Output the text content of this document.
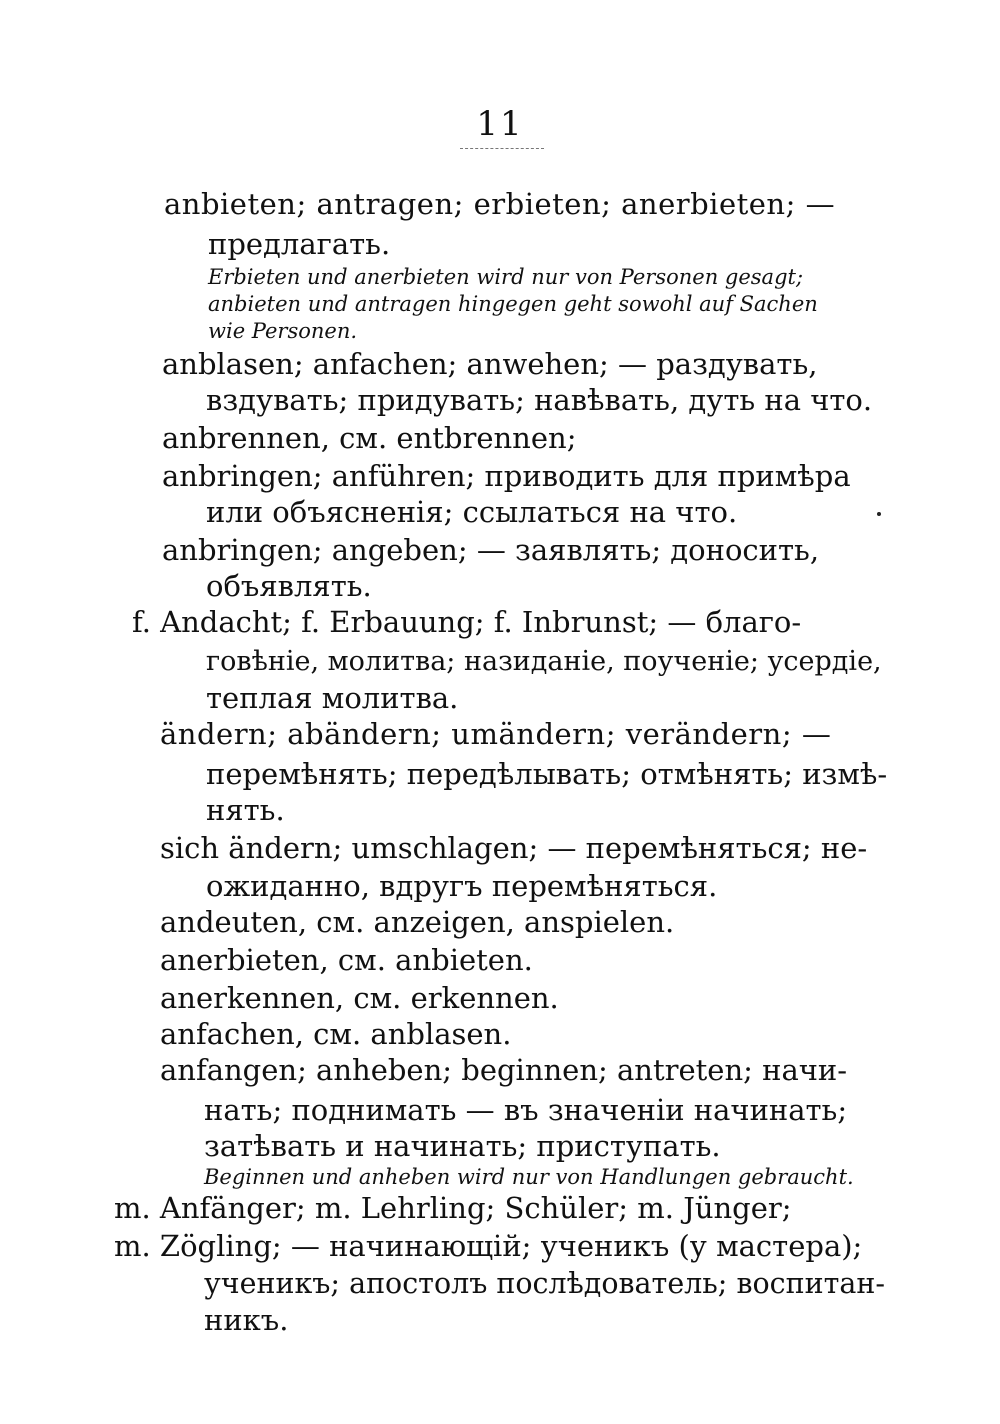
11
anbieten; antragen; erbieten; anerbieten; —
предлагать.
Erbieten und anerbieten wird nur von Personen gesagt;
anbieten und antragen hingegen geht sowohl auf Sachen
wie Personen.
anblasen; anfachen; anwehen; — раздувать,
вздувать; придувать; навѣвать, дуть на что.
anbrennen, см. entbrennen;
anbringen; anführen; приводить для примѣра
или объясненія; ссылаться на что.
anbringen; angeben; — заявлять; доносить,
объявлять.
f. Andacht; f. Erbauung; f. Inbrunst; — благо-
говѣніе, молитва; назиданіе, поученіе; усердіе,
теплая молитва.
ändern; abändern; umändern; verändern; —
перемѣнять; передѣлывать; отмѣнять; измѣ-
нять.
sich ändern; umschlagen; — перемѣняться; не-
ожиданно, вдругъ перемѣняться.
andeuten, см. anzeigen, anspielen.
anerbieten, см. anbieten.
anerkennen, см. erkennen.
anfachen, см. anblasen.
anfangen; anheben; beginnen; antreten; начи-
нать; поднимать — въ значеніи начинать;
затѣвать и начинать; приступать.
Beginnen und anheben wird nur von Handlungen gebraucht.
m. Anfänger; m. Lehrling; Schüler; m. Jünger;
m. Zögling; — начинающій; ученикъ (у мастера);
ученикъ; апостолъ послѣдователь; воспитан-
никъ.
